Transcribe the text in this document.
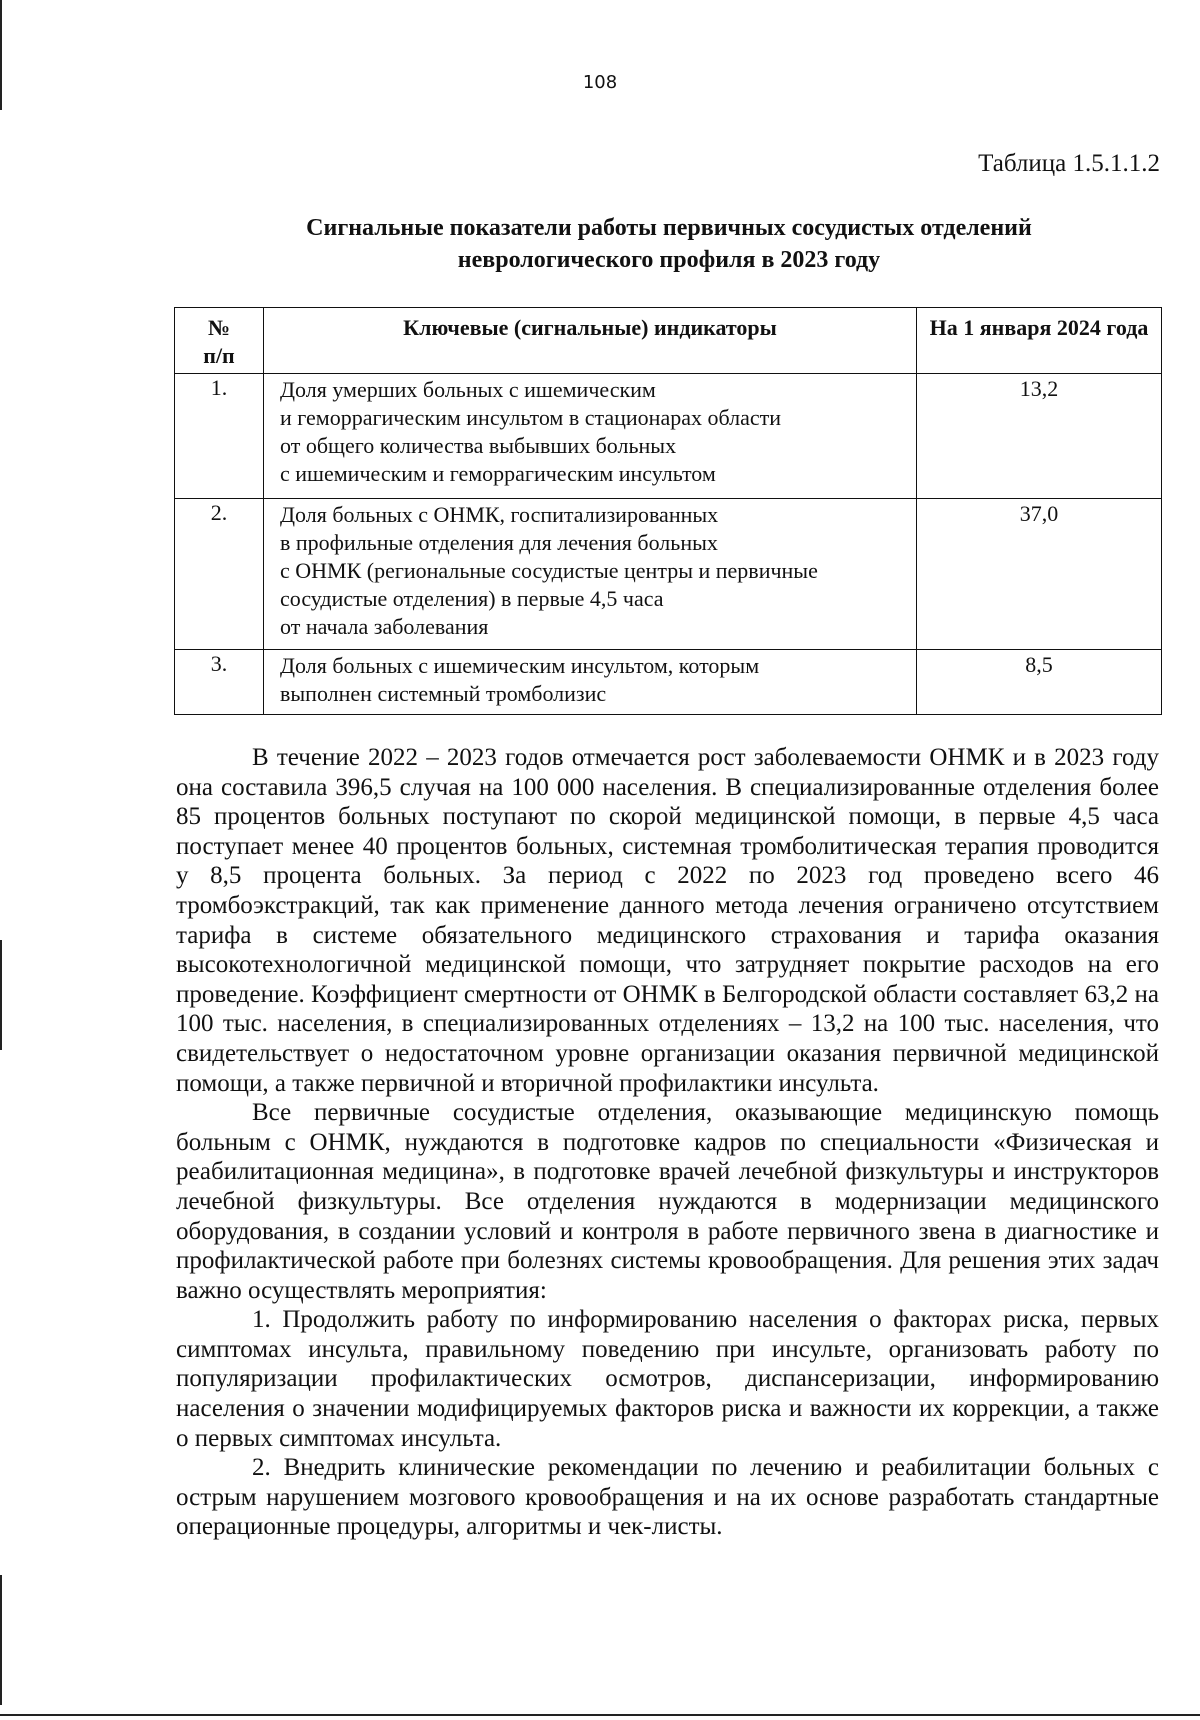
108
Таблица 1.5.1.1.2
Сигнальные показатели работы первичных сосудистых отделений
неврологического профиля в 2023 году
№
п/п	Ключевые (сигнальные) индикаторы	На 1 января 2024 года
1.	Доля умерших больных с ишемическим
и геморрагическим инсультом в стационарах области
от общего количества выбывших больных
с ишемическим и геморрагическим инсультом	13,2
2.	Доля больных с ОНМК, госпитализированных
в профильные отделения для лечения больных
с ОНМК (региональные сосудистые центры и первичные
сосудистые отделения) в первые 4,5 часа
от начала заболевания	37,0
3.	Доля больных с ишемическим инсультом, которым
выполнен системный тромболизис	8,5

В течение 2022 – 2023 годов отмечается рост заболеваемости ОНМК и в 2023 году она составила 396,5 случая на 100 000 населения. В специализированные отделения более 85 процентов больных поступают по скорой медицинской помощи, в первые 4,5 часа поступает менее 40 процентов больных, системная тромболитическая терапия проводится у 8,5 процента больных. За период с 2022 по 2023 год проведено всего 46 тромбоэкстракций, так как применение данного метода лечения ограничено отсутствием тарифа в системе обязательного медицинского страхования и тарифа оказания высокотехнологичной медицинской помощи, что затрудняет покрытие расходов на его проведение. Коэффициент смертности от ОНМК в Белгородской области составляет 63,2 на 100 тыс. населения, в специализированных отделениях – 13,2 на 100 тыс. населения, что свидетельствует о недостаточном уровне организации оказания первичной медицинской помощи, а также первичной и вторичной профилактики инсульта.

Все первичные сосудистые отделения, оказывающие медицинскую помощь больным с ОНМК, нуждаются в подготовке кадров по специальности «Физическая и реабилитационная медицина», в подготовке врачей лечебной физкультуры и инструкторов лечебной физкультуры. Все отделения нуждаются в модернизации медицинского оборудования, в создании условий и контроля в работе первичного звена в диагностике и профилактической работе при болезнях системы кровообращения. Для решения этих задач важно осуществлять мероприятия:

1. Продолжить работу по информированию населения о факторах риска, первых симптомах инсульта, правильному поведению при инсульте, организовать работу по популяризации профилактических осмотров, диспансеризации, информированию населения о значении модифицируемых факторов риска и важности их коррекции, а также о первых симптомах инсульта.

2. Внедрить клинические рекомендации по лечению и реабилитации больных с острым нарушением мозгового кровообращения и на их основе разработать стандартные операционные процедуры, алгоритмы и чек-листы.
